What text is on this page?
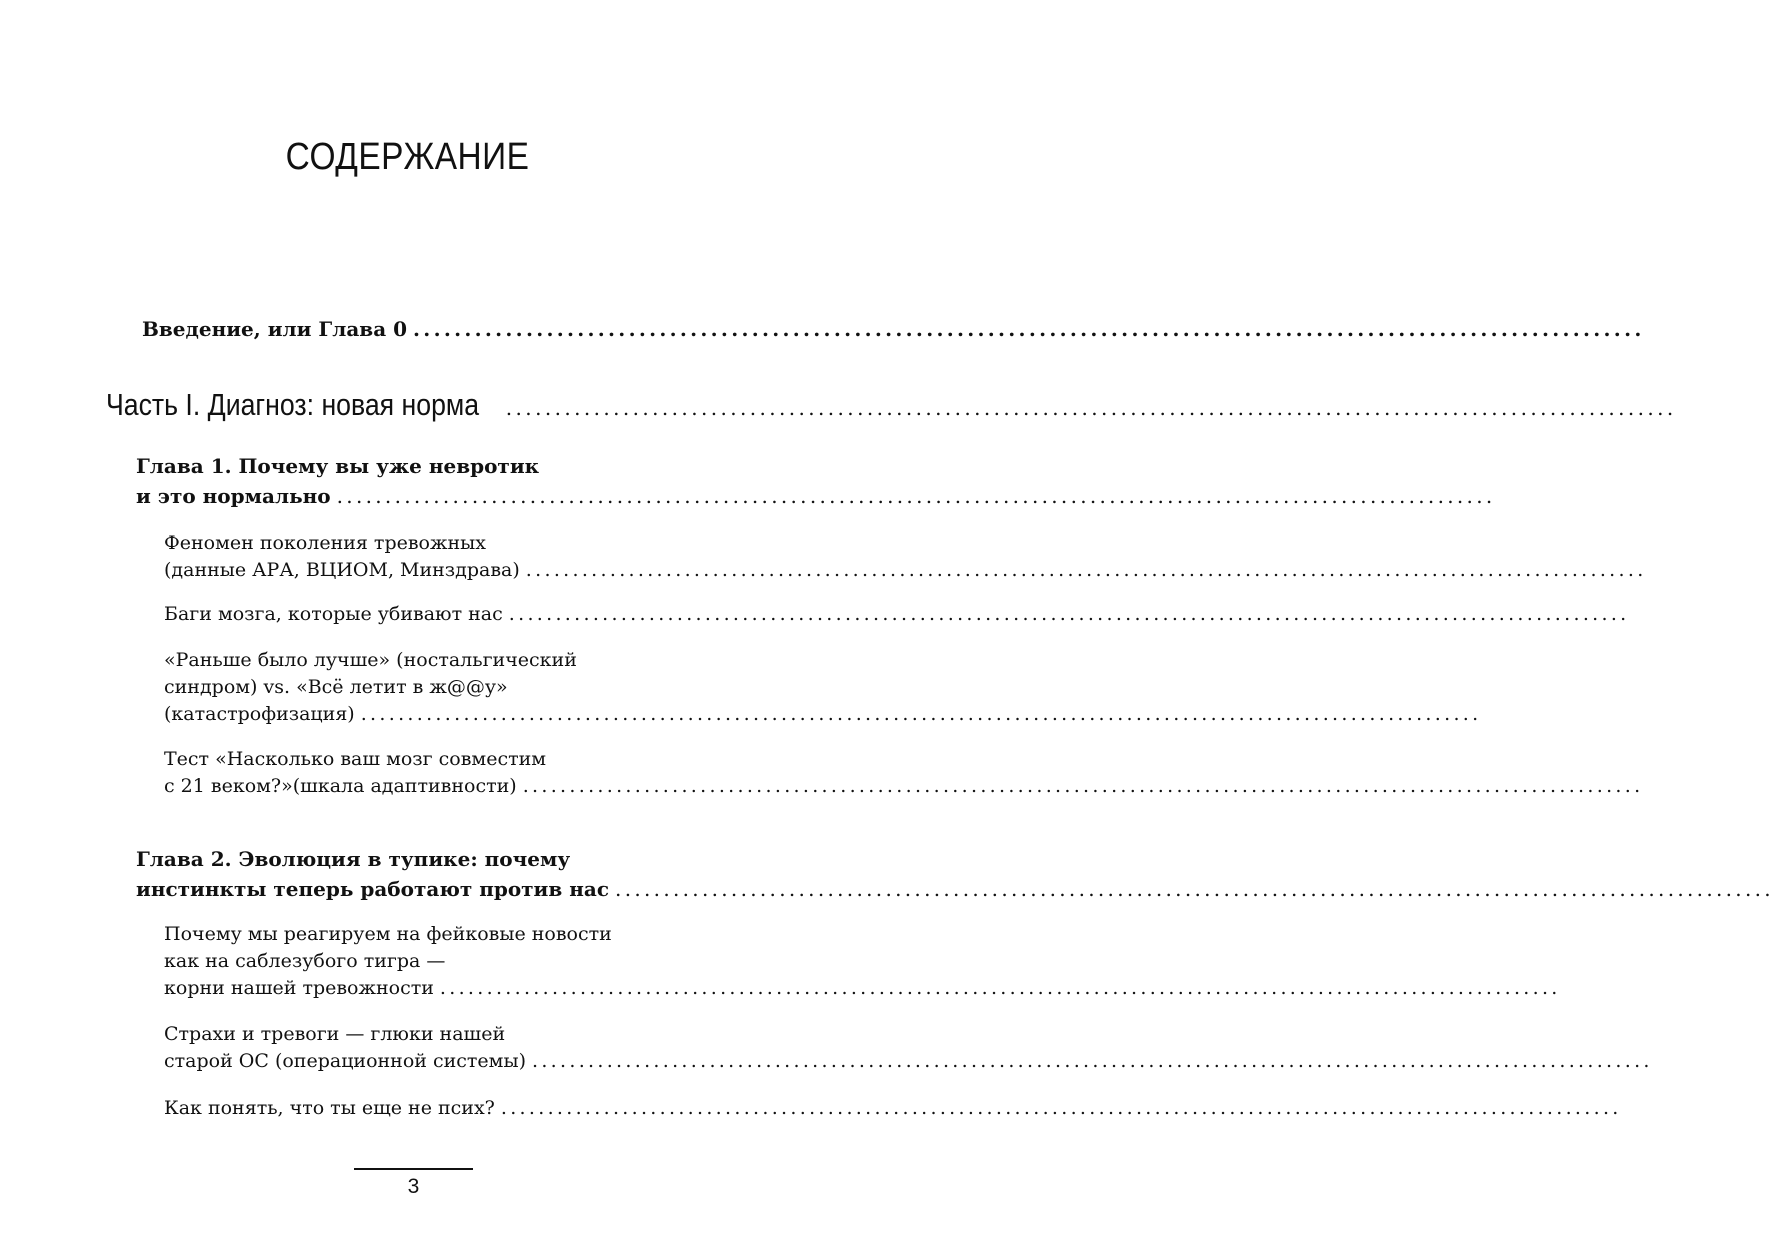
СОДЕРЖАНИЕ
Введение, или Глава 0 ........................................................................................................................
Часть I. Диагноз: новая норма ........................................................................................................................
Глава 1. Почему вы уже невротик
и это нормально ........................................................................................................................
Феномен поколения тревожных
(данные АРА, ВЦИОМ, Минздрава) ........................................................................................................................
Баги мозга, которые убивают нас ........................................................................................................................
«Раньше было лучше» (ностальгический
синдром) vs. «Всё летит в ж@@у»
(катастрофизация) ........................................................................................................................
Тест «Насколько ваш мозг совместим
с 21 веком?»(шкала адаптивности) ........................................................................................................................
Глава 2. Эволюция в тупике: почему
инстинкты теперь работают против нас ........................................................................................................................
Почему мы реагируем на фейковые новости
как на саблезубого тигра —
корни нашей тревожности ........................................................................................................................
Страхи и тревоги — глюки нашей
старой ОС (операционной системы) ........................................................................................................................
Как понять, что ты еще не псих? ........................................................................................................................
3
